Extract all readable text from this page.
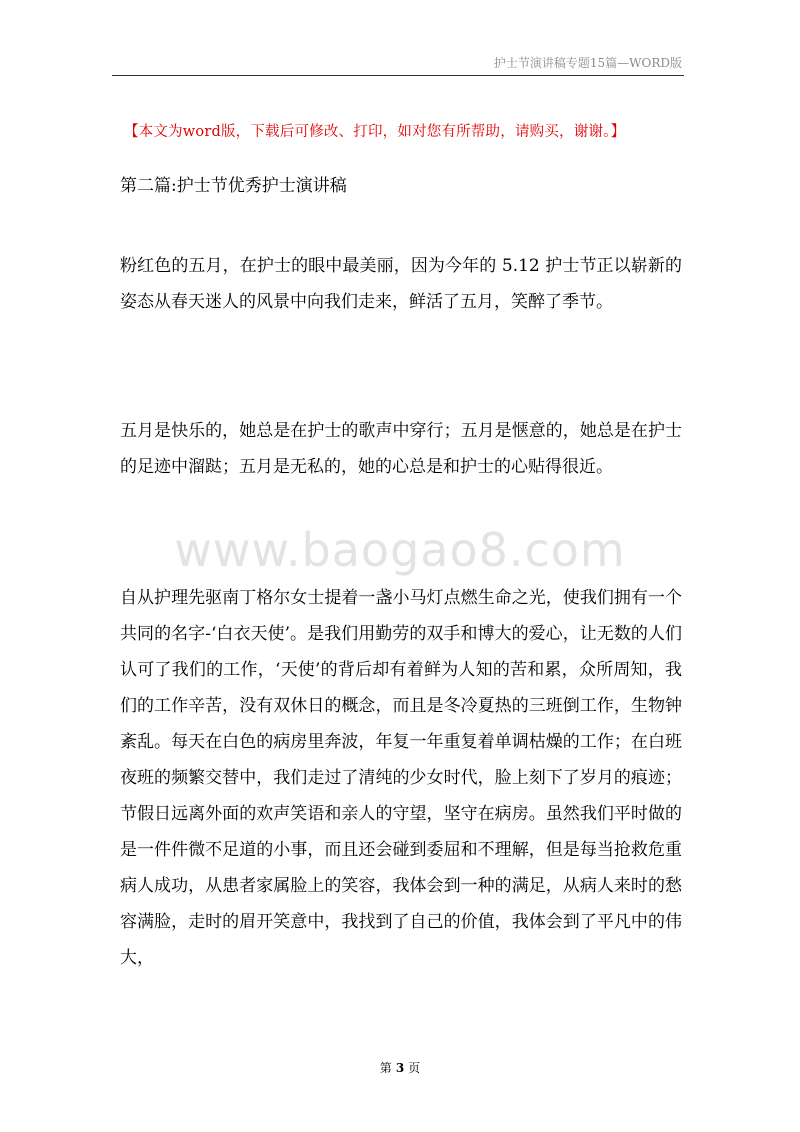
护士节演讲稿专题15篇—WORD版
【本文为word版，下载后可修改、打印，如对您有所帮助，请购买，谢谢。】
第二篇:护士节优秀护士演讲稿

粉红色的五月，在护士的眼中最美丽，因为今年的 5.12 护士节正以崭新的姿态从春天迷人的风景中向我们走来，鲜活了五月，笑醉了季节。

五月是快乐的，她总是在护士的歌声中穿行；五月是惬意的，她总是在护士的足迹中溜跶；五月是无私的，她的心总是和护士的心贴得很近。

www.baogao8.com

自从护理先驱南丁格尔女士提着一盏小马灯点燃生命之光，使我们拥有一个共同的名字-‘白衣天使’。是我们用勤劳的双手和博大的爱心，让无数的人们认可了我们的工作，‘天使’的背后却有着鲜为人知的苦和累，众所周知，我们的工作辛苦，没有双休日的概念，而且是冬冷夏热的三班倒工作，生物钟紊乱。每天在白色的病房里奔波，年复一年重复着单调枯燥的工作；在白班夜班的频繁交替中，我们走过了清纯的少女时代，脸上刻下了岁月的痕迹；节假日远离外面的欢声笑语和亲人的守望，坚守在病房。虽然我们平时做的是一件件微不足道的小事，而且还会碰到委屈和不理解，但是每当抢救危重病人成功，从患者家属脸上的笑容，我体会到一种的满足，从病人来时的愁容满脸，走时的眉开笑意中，我找到了自己的价值，我体会到了平凡中的伟大，

第 3 页
